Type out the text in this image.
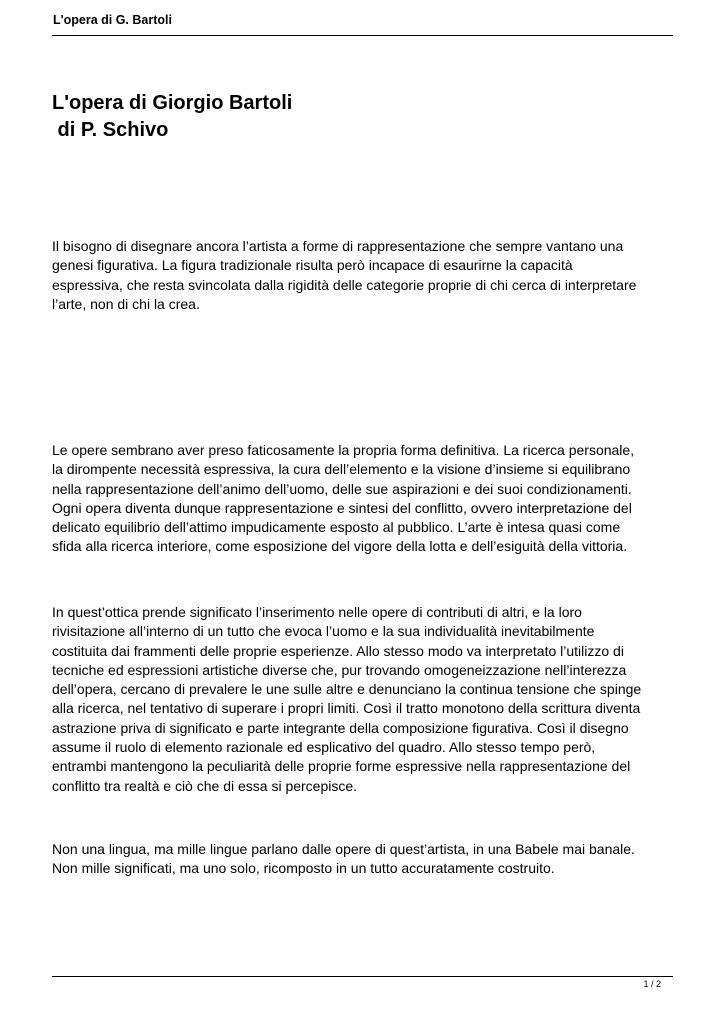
L'opera di G. Bartoli
L'opera di Giorgio Bartoli
di P. Schivo

Il bisogno di disegnare ancora l’artista a forme di rappresentazione che sempre vantano una
genesi figurativa. La figura tradizionale risulta però incapace di esaurirne la capacità
espressiva, che resta svincolata dalla rigidità delle categorie proprie di chi cerca di interpretare
l’arte, non di chi la crea.

Le opere sembrano aver preso faticosamente la propria forma definitiva. La ricerca personale,
la dirompente necessità espressiva, la cura dell’elemento e la visione d’insieme si equilibrano
nella rappresentazione dell’animo dell’uomo, delle sue aspirazioni e dei suoi condizionamenti.
Ogni opera diventa dunque rappresentazione e sintesi del conflitto, ovvero interpretazione del
delicato equilibrio dell’attimo impudicamente esposto al pubblico. L’arte è intesa quasi come
sfida alla ricerca interiore, come esposizione del vigore della lotta e dell’esiguità della vittoria.

In quest’ottica prende significato l’inserimento nelle opere di contributi di altri, e la loro
rivisitazione all’interno di un tutto che evoca l’uomo e la sua individualità inevitabilmente
costituita dai frammenti delle proprie esperienze. Allo stesso modo va interpretato l’utilizzo di
tecniche ed espressioni artistiche diverse che, pur trovando omogeneizzazione nell’interezza
dell’opera, cercano di prevalere le une sulle altre e denunciano la continua tensione che spinge
alla ricerca, nel tentativo di superare i propri limiti. Così il tratto monotono della scrittura diventa
astrazione priva di significato e parte integrante della composizione figurativa. Così il disegno
assume il ruolo di elemento razionale ed esplicativo del quadro. Allo stesso tempo però,
entrambi mantengono la peculiarità delle proprie forme espressive nella rappresentazione del
conflitto tra realtà e ciò che di essa si percepisce.

Non una lingua, ma mille lingue parlano dalle opere di quest’artista, in una Babele mai banale.
Non mille significati, ma uno solo, ricomposto in un tutto accuratamente costruito.

1 / 2
